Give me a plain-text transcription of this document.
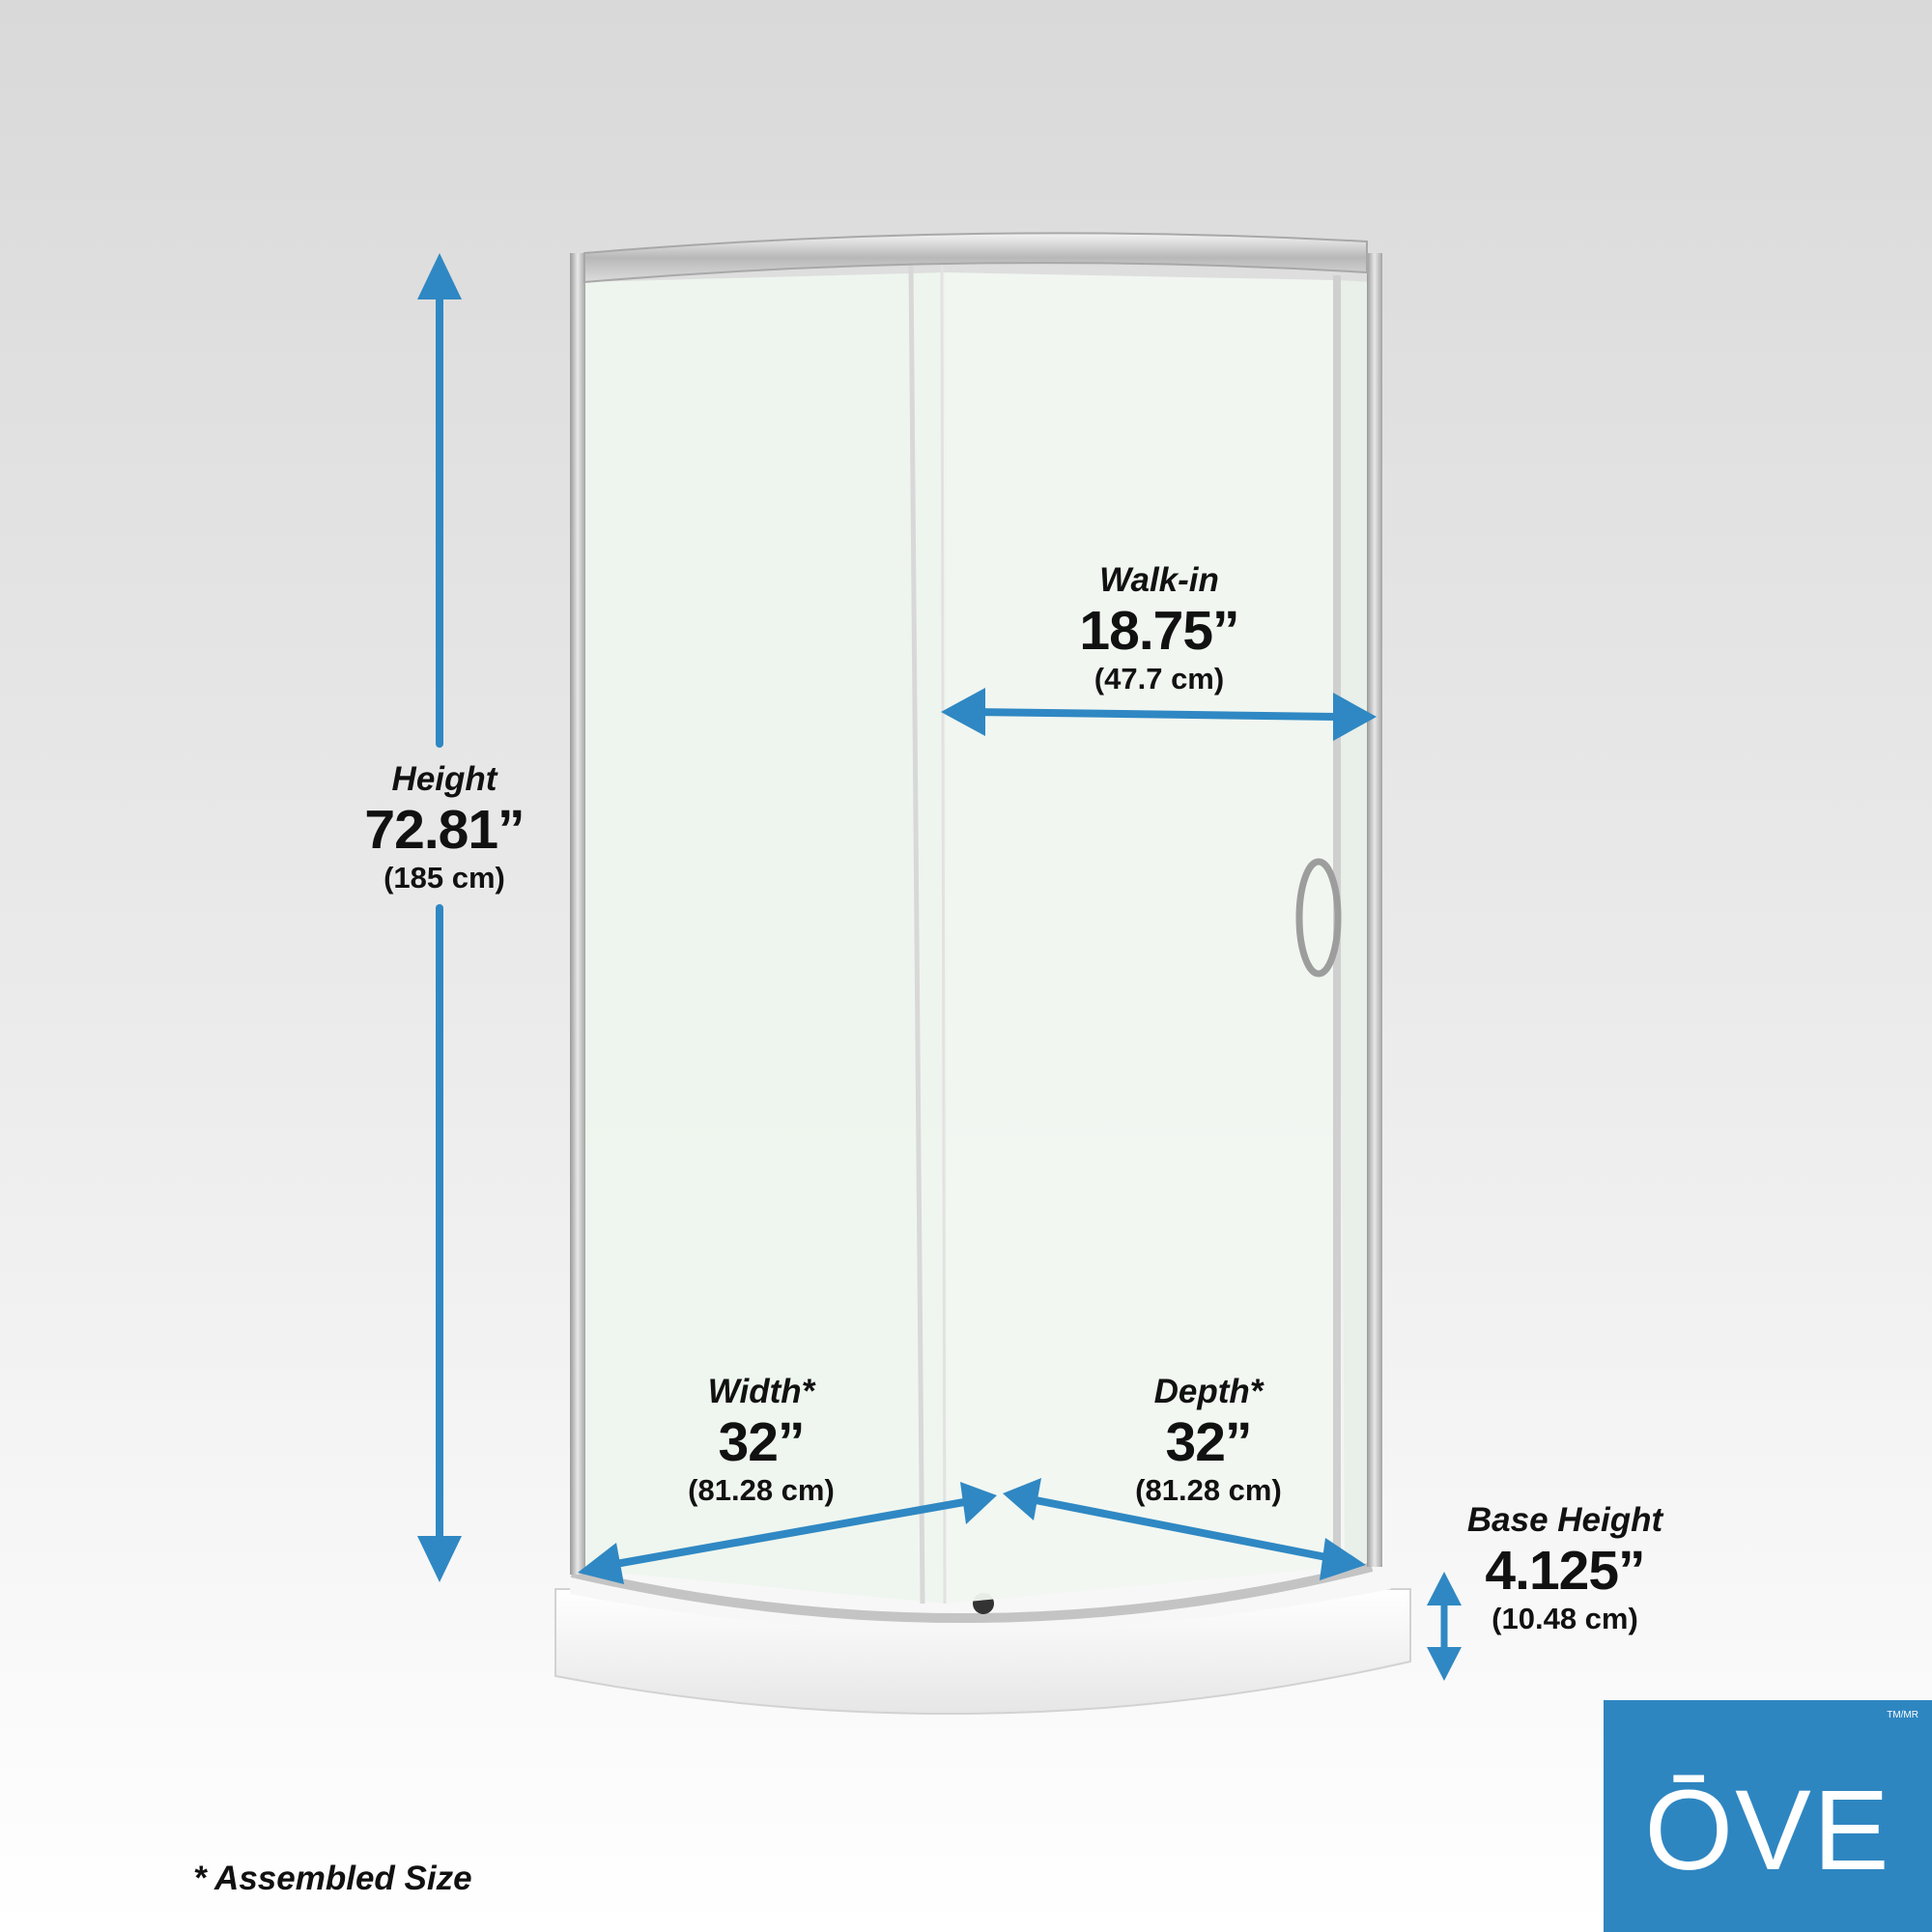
Height
72.81”
(185 cm)
Walk-in
18.75”
(47.7 cm)
Width*
32”
(81.28 cm)
Depth*
32”
(81.28 cm)
Base Height
4.125”
(10.48 cm)
* Assembled Size
TM/MR
ŌVE
